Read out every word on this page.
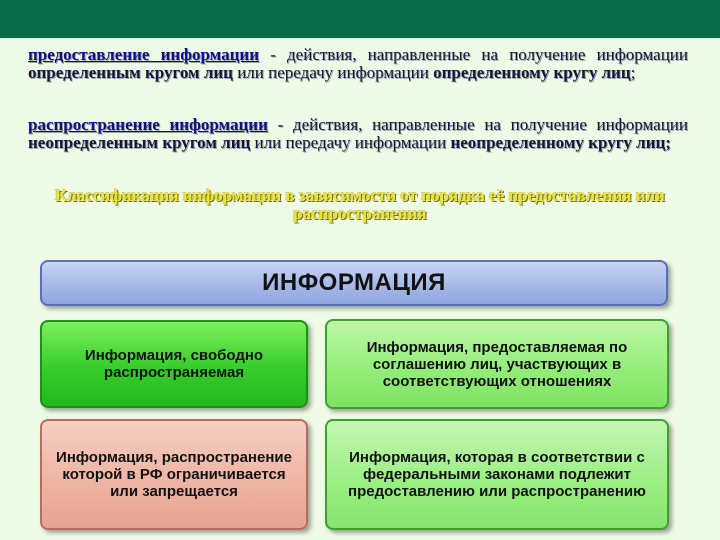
предоставление информации - действия, направленные на получение информации определенным кругом лиц или передачу информации определенному кругу лиц;

распространение информации - действия, направленные на получение информации неопределенным кругом лиц или передачу информации неопределенному кругу лиц;

Классификация информации в зависимости от порядка её предоставления или распространения
ИНФОРМАЦИЯ
Информация, свободно распространяемая
Информация, предоставляемая по соглашению лиц, участвующих в соответствующих отношениях
Информация, распространение которой в РФ ограничивается или запрещается
Информация, которая в соответствии с федеральными законами подлежит предоставлению или распространению
